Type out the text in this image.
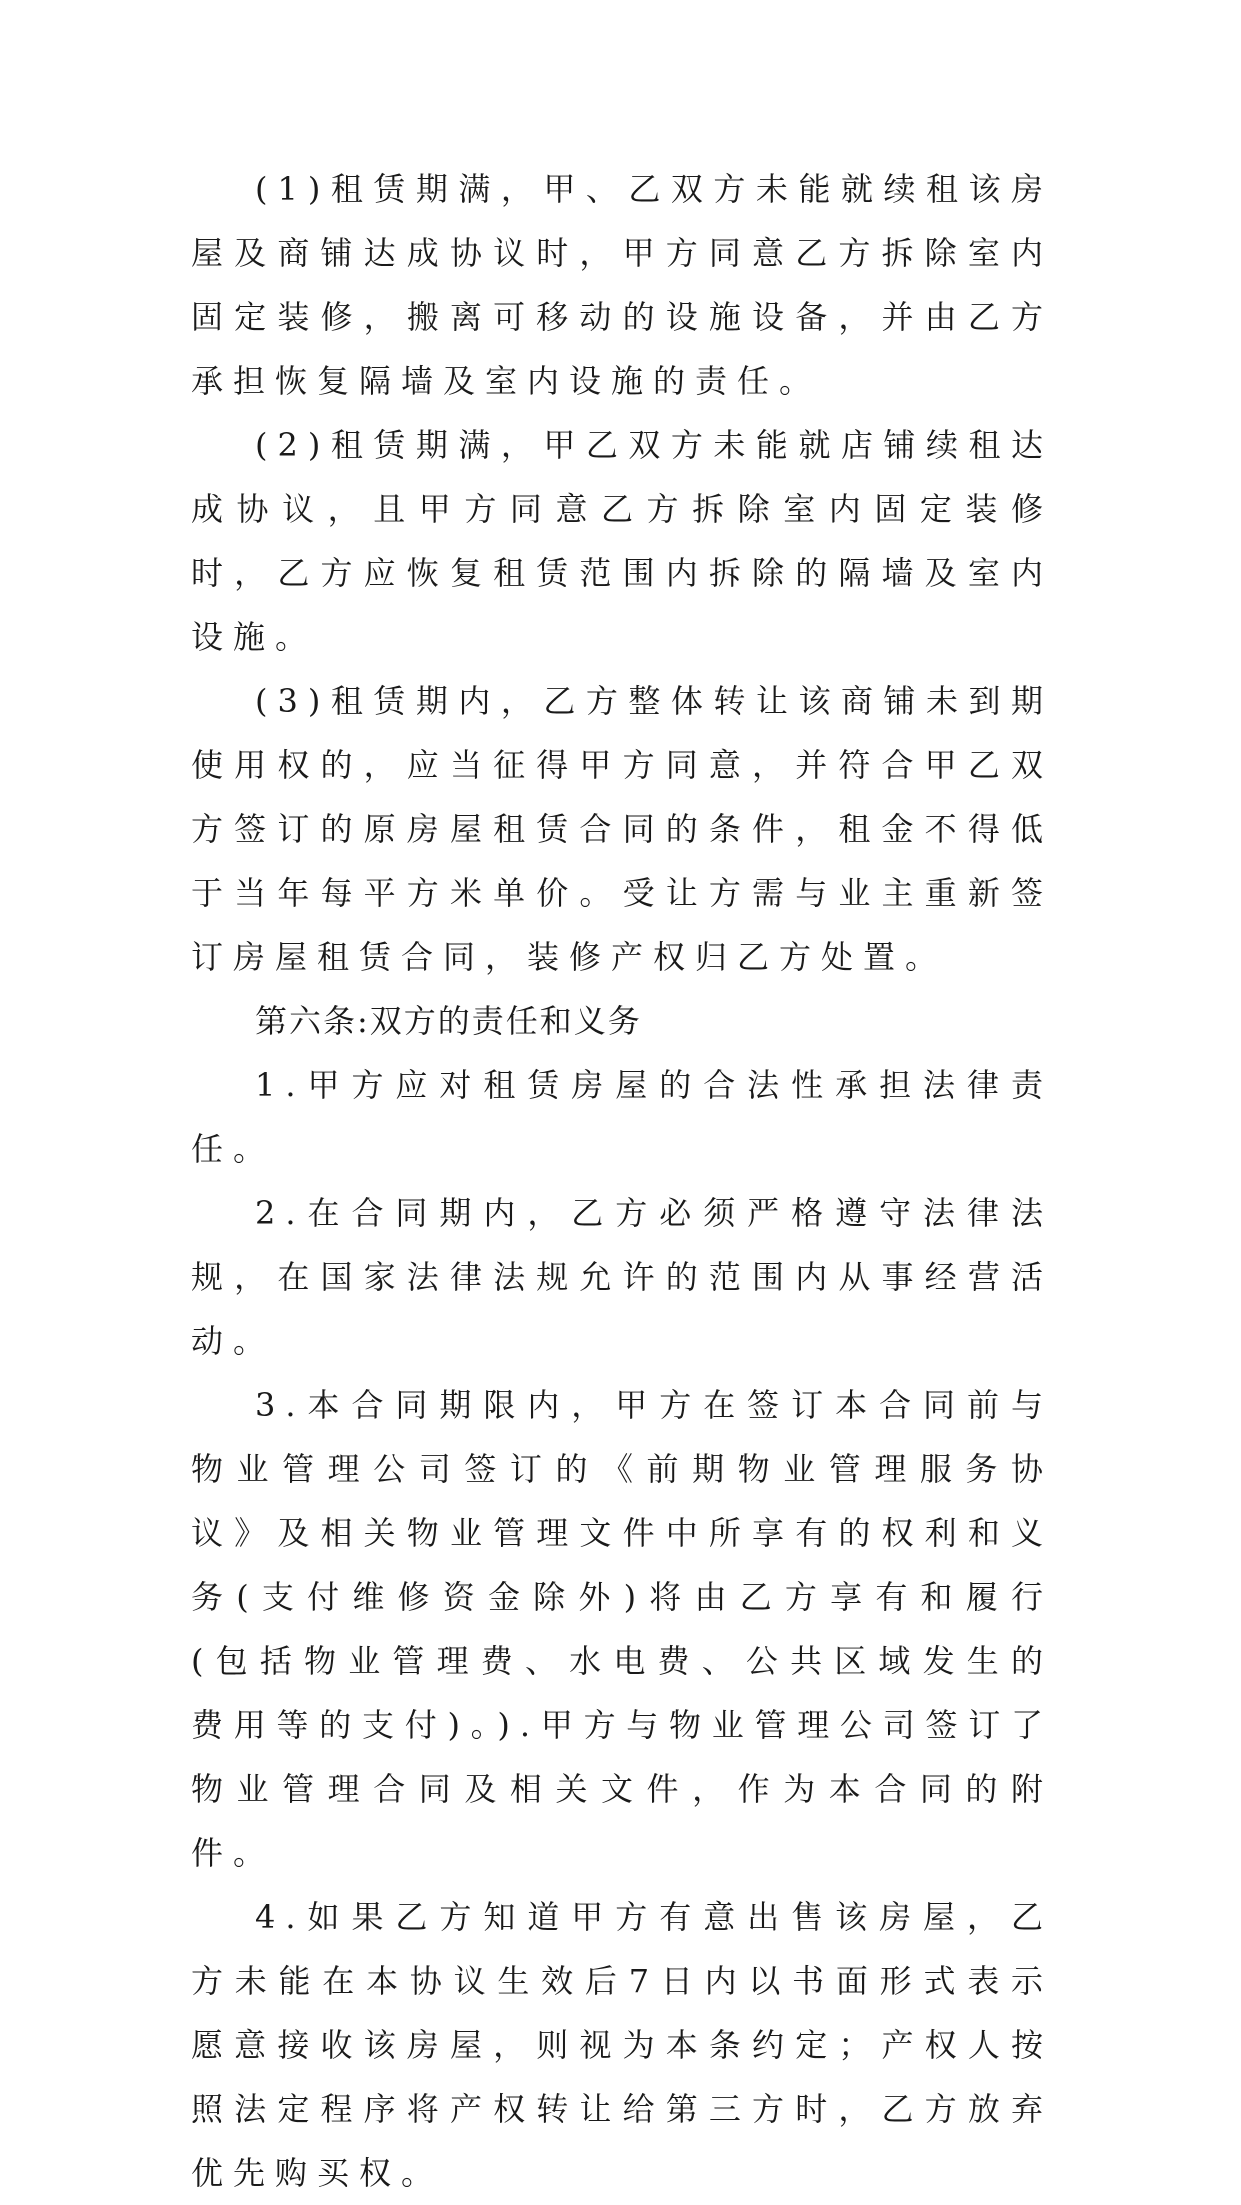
(1)租赁期满，甲、乙双方未能就续租该房屋及商铺达成协议时，甲方同意乙方拆除室内固定装修，搬离可移动的设施设备，并由乙方承担恢复隔墙及室内设施的责任。

(2)租赁期满，甲乙双方未能就店铺续租达成协议，且甲方同意乙方拆除室内固定装修时，乙方应恢复租赁范围内拆除的隔墙及室内设施。

(3)租赁期内，乙方整体转让该商铺未到期使用权的，应当征得甲方同意，并符合甲乙双方签订的原房屋租赁合同的条件，租金不得低于当年每平方米单价。受让方需与业主重新签订房屋租赁合同，装修产权归乙方处置。

第六条:双方的责任和义务

1.甲方应对租赁房屋的合法性承担法律责任。

2.在合同期内，乙方必须严格遵守法律法规，在国家法律法规允许的范围内从事经营活动。

3.本合同期限内，甲方在签订本合同前与物业管理公司签订的《前期物业管理服务协议》及相关物业管理文件中所享有的权利和义务(支付维修资金除外)将由乙方享有和履行(包括物业管理费、水电费、公共区域发生的费用等的支付)。).甲方与物业管理公司签订了物业管理合同及相关文件，作为本合同的附件。

4.如果乙方知道甲方有意出售该房屋，乙方未能在本协议生效后7日内以书面形式表示愿意接收该房屋，则视为本条约定；产权人按照法定程序将产权转让给第三方时，乙方放弃优先购买权。
